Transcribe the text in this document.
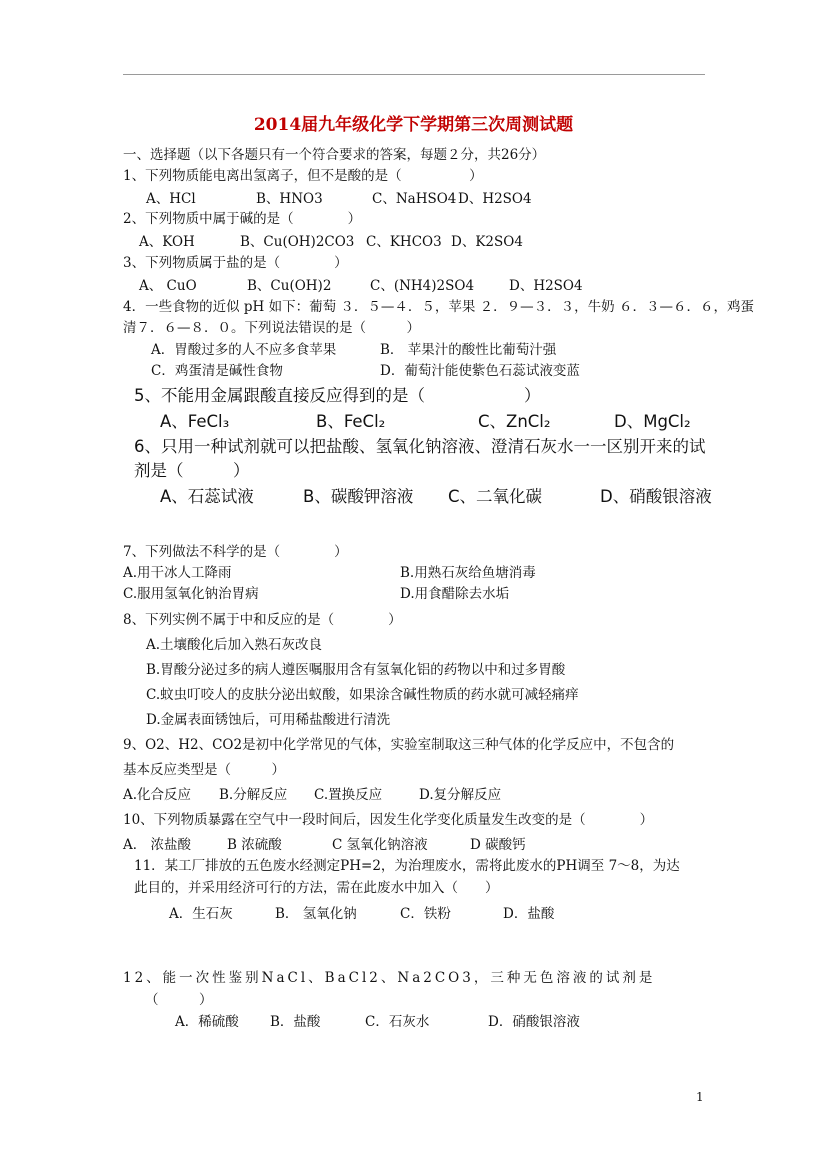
2014届九年级化学下学期第三次周测试题
一、选择题（以下各题只有一个符合要求的答案，每题２分，共26分）
1、下列物质能电离出氢离子，但不是酸的是（　　　　　）
A、HCl	B、HNO3	C、NaHSO4 D、H2SO4
2、下列物质中属于碱的是（　　　　）
A、KOH	B、Cu(OH)2CO3 C、KHCO3 D、K2SO4
3、下列物质属于盐的是（　　　　）
A、 CuO	B、Cu(OH)2	C、(NH4)2SO4	D、H2SO4
4．一些食物的近似 pH 如下：葡萄 ３．５—４．５，苹果 ２．９—３．３，牛奶 ６．３—６．６，鸡蛋
清７．６—８．０。下列说法错误的是（　　　）
A．胃酸过多的人不应多食苹果	B． 苹果汁的酸性比葡萄汁强
C．鸡蛋清是碱性食物	D．葡萄汁能使紫色石蕊试液变蓝
5、不能用金属跟酸直接反应得到的是（　　　　　　）
A、FeCl₃	B、FeCl₂	C、ZnCl₂	D、MgCl₂
6、只用一种试剂就可以把盐酸、氢氧化钠溶液、澄清石灰水一一区别开来的试
剂是（　　　）
A、石蕊试液	B、碳酸钾溶液 C、二氧化碳	D、硝酸银溶液
7、下列做法不科学的是（　　　　）
A.用干冰人工降雨	B.用熟石灰给鱼塘消毒
C.服用氢氧化钠治胃病	D.用食醋除去水垢
8、下列实例不属于中和反应的是（　　　　）
A.土壤酸化后加入熟石灰改良
B.胃酸分泌过多的病人遵医嘱服用含有氢氧化铝的药物以中和过多胃酸
C.蚊虫叮咬人的皮肤分泌出蚁酸，如果涂含碱性物质的药水就可减轻痛痒
D.金属表面锈蚀后，可用稀盐酸进行清洗
9、O2、H2、CO2是初中化学常见的气体，实验室制取这三种气体的化学反应中，不包含的
基本反应类型是（　　　）
A.化合反应 B.分解反应 C.置换反应	D.复分解反应
10、下列物质暴露在空气中一段时间后，因发生化学变化质量发生改变的是（　　　　）
A． 浓盐酸	B 浓硫酸	C 氢氧化钠溶液	D 碳酸钙
11．某工厂排放的五色废水经测定PH=2，为治理废水，需将此废水的PH调至 7～8，为达
此目的，并采用经济可行的方法，需在此废水中加入（　　）
A．生石灰	B． 氢氧化钠	C．铁粉	D．盐酸
12、能一次性鉴别NaCl、BaCl2、Na2CO3，三种无色溶液的试剂是
（　　　）
A．稀硫酸 B．盐酸	C．石灰水	D．硝酸银溶液
1
